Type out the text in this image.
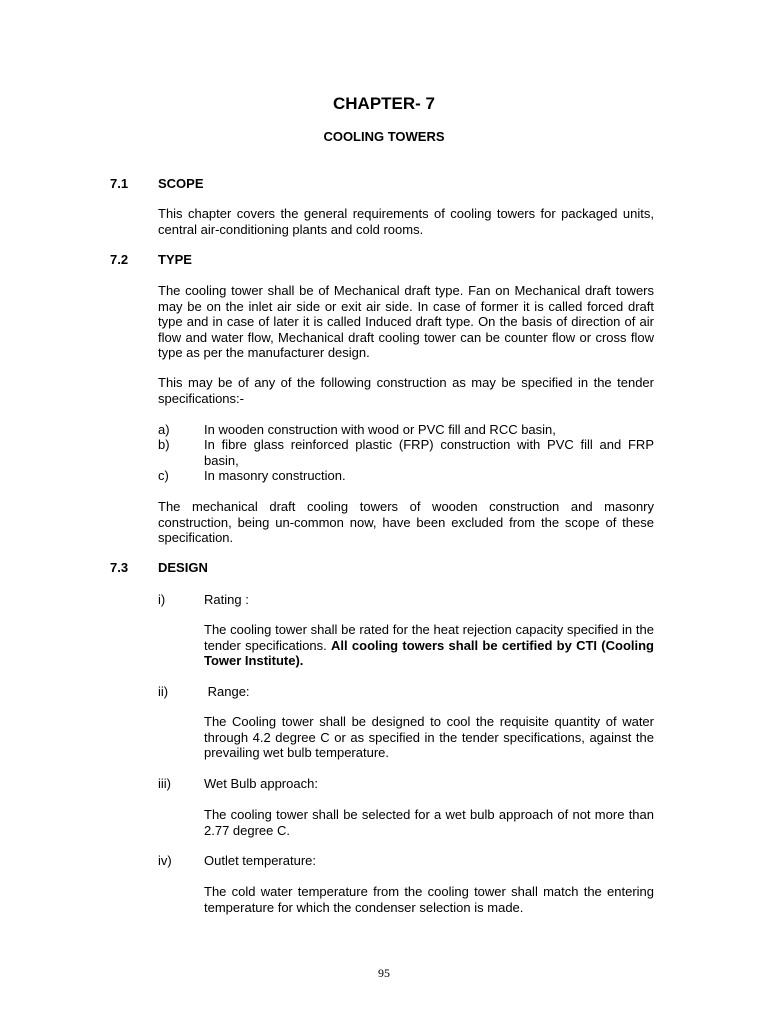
CHAPTER- 7
COOLING TOWERS
7.1 SCOPE

This chapter covers the general requirements of cooling towers for packaged units, central air-conditioning plants and cold rooms.

7.2 TYPE

The cooling tower shall be of Mechanical draft type. Fan on Mechanical draft towers may be on the inlet air side or exit air side. In case of former it is called forced draft type and in case of later it is called Induced draft type. On the basis of direction of air flow and water flow, Mechanical draft cooling tower can be counter flow or cross flow type as per the manufacturer design.

This may be of any of the following construction as may be specified in the tender specifications:-

a)	In wooden construction with wood or PVC fill and RCC basin,

b)	In fibre glass reinforced plastic (FRP) construction with PVC fill and FRP basin,

c)	In masonry construction.

The mechanical draft cooling towers of wooden construction and masonry construction, being un-common now, have been excluded from the scope of these specification.

7.3 DESIGN
i)	Rating :

The cooling tower shall be rated for the heat rejection capacity specified in the tender specifications. All cooling towers shall be certified by CTI (Cooling Tower Institute).

ii)	Range:

The Cooling tower shall be designed to cool the requisite quantity of water through 4.2 degree C or as specified in the tender specifications, against the prevailing wet bulb temperature.

iii)	Wet Bulb approach:

The cooling tower shall be selected for a wet bulb approach of not more than 2.77 degree C.

iv) Outlet temperature:

The cold water temperature from the cooling tower shall match the entering temperature for which the condenser selection is made.

95
